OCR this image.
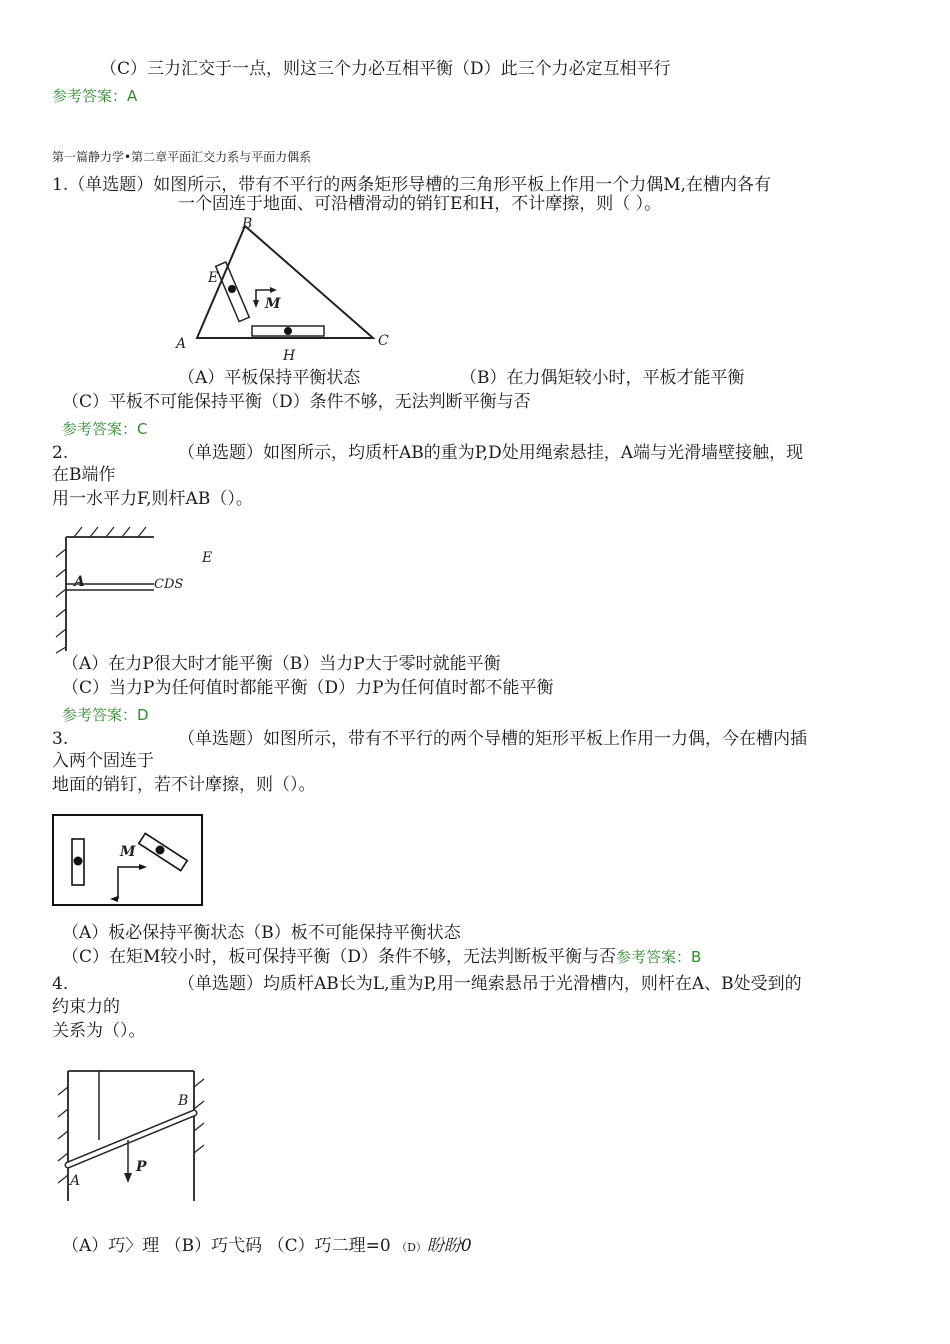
（C）三力汇交于一点，则这三个力必互相平衡（D）此三个力必定互相平行
参考答案：A
第一篇静力学•第二章平面汇交力系与平面力偶系
1.（单选题）如图所示，带有不平行的两条矩形导槽的三角形平板上作用一个力偶M,在槽内各有
一个固连于地面、可沿槽滑动的销钉E和H，不计摩擦，则（ ）。
B
A	C
E
H
M
（A）平板保持平衡状态	（B）在力偶矩较小时，平板才能平衡
（C）平板不可能保持平衡（D）条件不够，无法判断平衡与否
参考答案：C
2.	（单选题）如图所示，均质杆AB的重为P,D处用绳索悬挂，A端与光滑墙壁接触，现
在B端作
用一水平力F,则杆AB（）。
A	CDS
E
（A）在力P很大时才能平衡（B）当力P大于零时就能平衡
（C）当力P为任何值时都能平衡（D）力P为任何值时都不能平衡
参考答案：D
3.	（单选题）如图所示，带有不平行的两个导槽的矩形平板上作用一力偶，今在槽内插
入两个固连于
地面的销钉，若不计摩擦，则（）。
M
（A）板必保持平衡状态（B）板不可能保持平衡状态
（C）在矩M较小时，板可保持平衡（D）条件不够，无法判断板平衡与否参考答案：B
4.	（单选题）均质杆AB长为L,重为P,用一绳索悬吊于光滑槽内，则杆在A、B处受到的
约束力的
关系为（）。
A
B
P
（A）巧〉理 （B）巧弋码 （C）巧二理=0 （D）盼盼0
